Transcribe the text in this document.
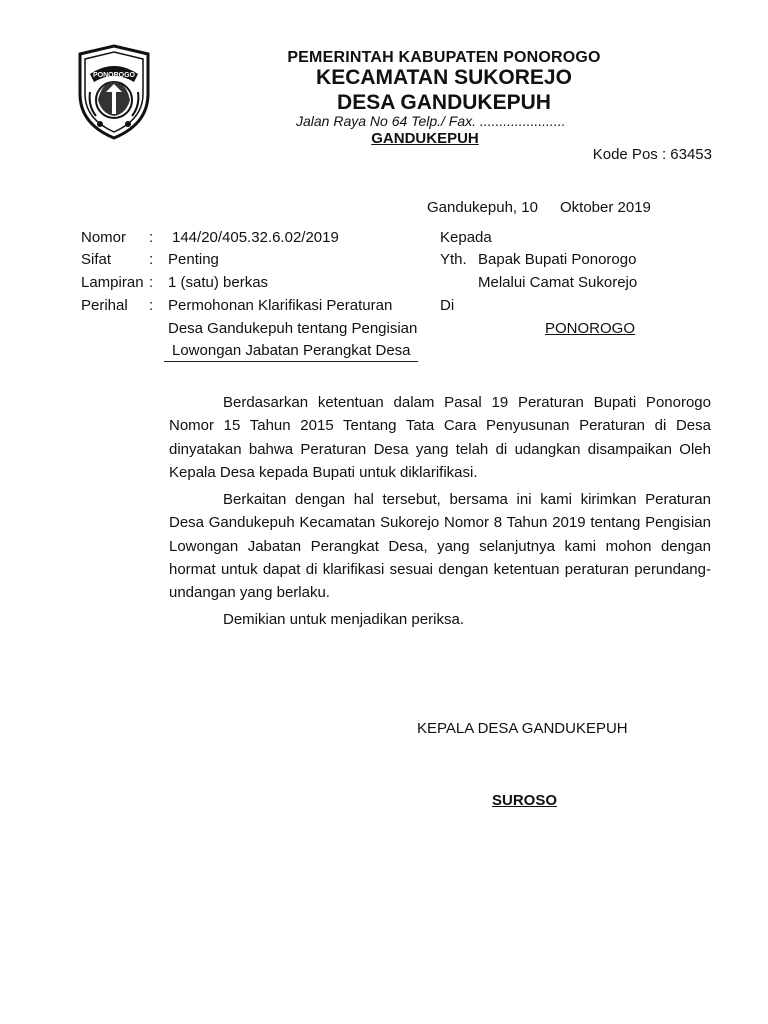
PONOROGO
PEMERINTAH KABUPATEN PONOROGO
KECAMATAN SUKOREJO
DESA GANDUKEPUH
Jalan Raya No 64 Telp./ Fax. ......................
GANDUKEPUH
Kode Pos : 63453
Gandukepuh, 10 Oktober 2019
Nomor : 144/20/405.32.6.02/2019
Sifat	: Penting
Lampiran : 1 (satu) berkas
Perihal : Permohonan Klarifikasi Peraturan
Desa Gandukepuh tentang Pengisian
Lowongan Jabatan Perangkat Desa
Kepada
Yth. Bapak Bupati Ponorogo
Melalui Camat Sukorejo
Di
PONOROGO

Berdasarkan ketentuan dalam Pasal 19 Peraturan Bupati Ponorogo Nomor 15 Tahun 2015 Tentang Tata Cara Penyusunan Peraturan di Desa dinyatakan bahwa Peraturan Desa yang telah di udangkan disampaikan Oleh Kepala Desa kepada Bupati untuk diklarifikasi.

Berkaitan dengan hal tersebut, bersama ini kami kirimkan Peraturan Desa Gandukepuh Kecamatan Sukorejo Nomor 8 Tahun 2019 tentang Pengisian Lowongan Jabatan Perangkat Desa, yang selanjutnya kami mohon dengan hormat untuk dapat di klarifikasi sesuai dengan ketentuan peraturan perundang-undangan yang berlaku.

Demikian untuk menjadikan periksa.

KEPALA DESA GANDUKEPUH
SUROSO
